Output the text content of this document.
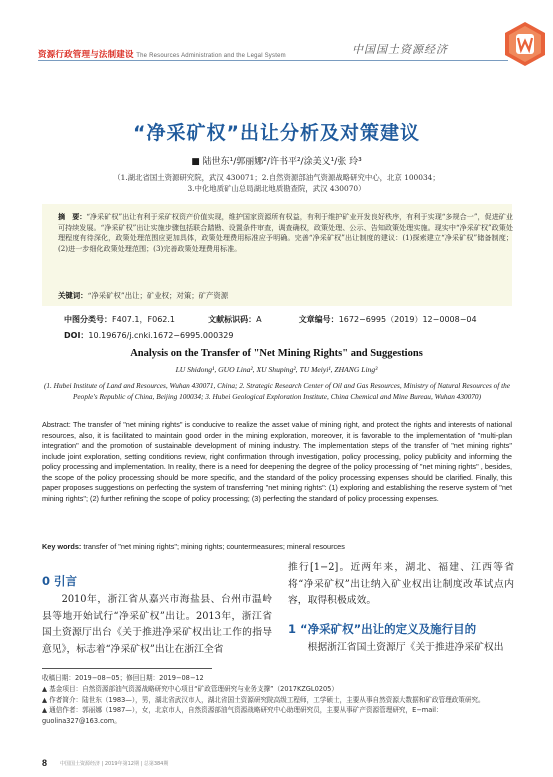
资源行政管理与法制建设 The Resources Administration and the Legal System	中国国土资源经济
“净采矿权”出让分析及对策建议
■ 陆世东¹/郭丽娜²/许书平²/涂美义¹/张 玲³
（1.湖北省国土资源研究院，武汉 430071；2.自然资源部油气资源战略研究中心，北京 100034；
3.中化地质矿山总局湖北地质勘查院，武汉 430070）
摘　要：“净采矿权”出让有利于采矿权资产价值实现，维护国家资源所有权益，有利于维护矿业开发良好秩序，有利于实现“多规合一”，促进矿业可持续发展。“净采矿权”出让实施步骤包括联合踏勘、设置条件审查，调查确权，政策处理、公示、告知政策处理实施。现实中“净采矿权”政策处理程度有待深化，政策处理范围应更加具体，政策处理费用标准应予明确。完善“净采矿权”出让制度的建议：(1)探索建立“净采矿权”储备制度；(2)进一步细化政策处理范围；(3)完善政策处理费用标准。
关键词：“净采矿权”出让；矿业权；对策；矿产资源
中图分类号：F407.1，F062.1	文献标识码：A	文章编号：1672−6995（2019）12−0008−04
DOI：10.19676/j.cnki.1672−6995.000329
Analysis on the Transfer of "Net Mining Rights" and Suggestions
LU Shidong¹, GUO Lina², XU Shuping², TU Meiyi¹, ZHANG Ling³
(1. Hubei Institute of Land and Resources, Wuhan 430071, China; 2. Strategic Research Center of Oil and Gas Resources, Ministry of Natural Resources of the People's Republic of China, Beijing 100034; 3. Hubei Geological Exploration Institute, China Chemical and Mine Bureau, Wuhan 430070)
Abstract: The transfer of "net mining rights" is conducive to realize the asset value of mining right, and protect the rights and interests of national resources, also, it is facilitated to maintain good order in the mining exploration, moreover, it is favorable to the implementation of "multi-plan integration" and the promotion of sustainable development of mining industry. The implementation steps of the transfer of "net mining rights" include joint exploration, setting conditions review, right confirmation through investigation, policy processing, policy publicity and informing the policy processing and implementation. In reality, there is a need for deepening the degree of the policy processing of "net mining rights" , besides, the scope of the policy processing should be more specific, and the standard of the policy processing expenses should be clarified. Finally, this paper proposes suggestions on perfecting the system of transferring "net mining rights": (1) exploring and establishing the reserve system of "net mining rights"; (2) further refining the scope of policy processing; (3) perfecting the standard of policy processing expenses.
Key words: transfer of "net mining rights"; mining rights; countermeasures; mineral resources
0 引言
2010年，浙江省从嘉兴市海盐县、台州市温岭县等地开始试行“净采矿权”出让。2013年，浙江省国土资源厅出台《关于推进净采矿权出让工作的指导意见》，标志着“净采矿权”出让在浙江全省
推行[1−2]。近两年来，湖北、福建、江西等省将“净采矿权”出让纳入矿业权出让制度改革试点内容，取得积极成效。
1 “净采矿权”出让的定义及施行目的
根据浙江省国土资源厅《关于推进净采矿权出
收稿日期：2019−08−05；修回日期：2019−08−12
▲ 基金项目：自然资源部油气资源战略研究中心项目“矿政管理研究与业务支撑”（2017KZGL0205）
▲ 作者简介：陆世东（1983—），男，湖北省武汉市人，湖北省国土资源研究院高级工程师，工学硕士，主要从事自然资源大数据和矿政管理政策研究。
▲ 通信作者：郭丽娜（1987—），女，北京市人，自然资源部油气资源战略研究中心助理研究员，主要从事矿产资源管理研究，E−mail：guolina327@163.com。
8	中国国土资源经济 | 2019年第12期 | 总第384期
